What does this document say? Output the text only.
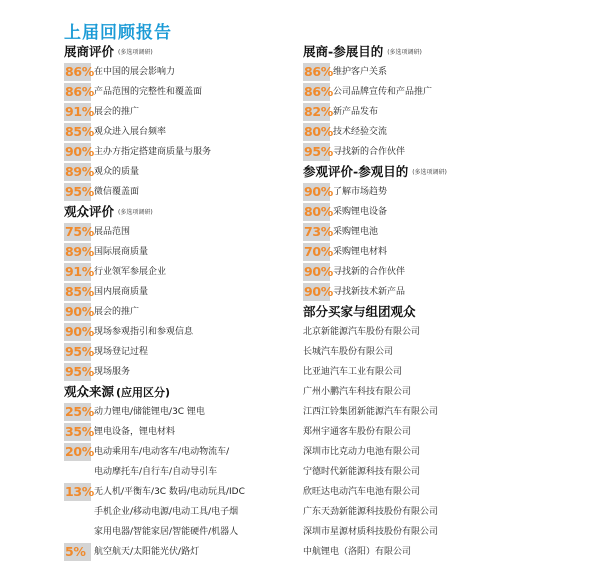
上届回顾报告
展商评价 (多选项调研)
86% 在中国的展会影响力
86% 产品范围的完整性和覆盖面
91% 展会的推广
85% 观众进入展台频率
90% 主办方指定搭建商质量与服务
89% 观众的质量
95% 微信覆盖面
观众评价 (多选项调研)
75% 展品范围
89% 国际展商质量
91% 行业领军参展企业
85% 国内展商质量
90% 展会的推广
90% 现场参观指引和参观信息
95% 现场登记过程
95% 现场服务
观众来源 (应用区分)
25% 动力锂电/储能锂电/3C 锂电
35% 锂电设备，锂电材料
20% 电动乘用车/电动客车/电动物流车/
电动摩托车/自行车/自动导引车
13% 无人机/平衡车/3C 数码/电动玩具/IDC
手机企业/移动电源/电动工具/电子烟
家用电器/智能家居/智能硬件/机器人
5% 航空航天/太阳能光伏/路灯
展商-参展目的 (多选项调研)
86% 维护客户关系
86% 公司品牌宣传和产品推广
82% 新产品发布
80% 技术经验交流
95% 寻找新的合作伙伴
参观评价-参观目的 (多选项调研)
90% 了解市场趋势
80% 采购锂电设备
73% 采购锂电池
70% 采购锂电材料
90% 寻找新的合作伙伴
90% 寻找新技术新产品
部分买家与组团观众
北京新能源汽车股份有限公司
长城汽车股份有限公司
比亚迪汽车工业有限公司
广州小鹏汽车科技有限公司
江西江铃集团新能源汽车有限公司
郑州宇通客车股份有限公司
深圳市比克动力电池有限公司
宁德时代新能源科技有限公司
欣旺达电动汽车电池有限公司
广东天劲新能源科技股份有限公司
深圳市星源材质科技股份有限公司
中航锂电（洛阳）有限公司
